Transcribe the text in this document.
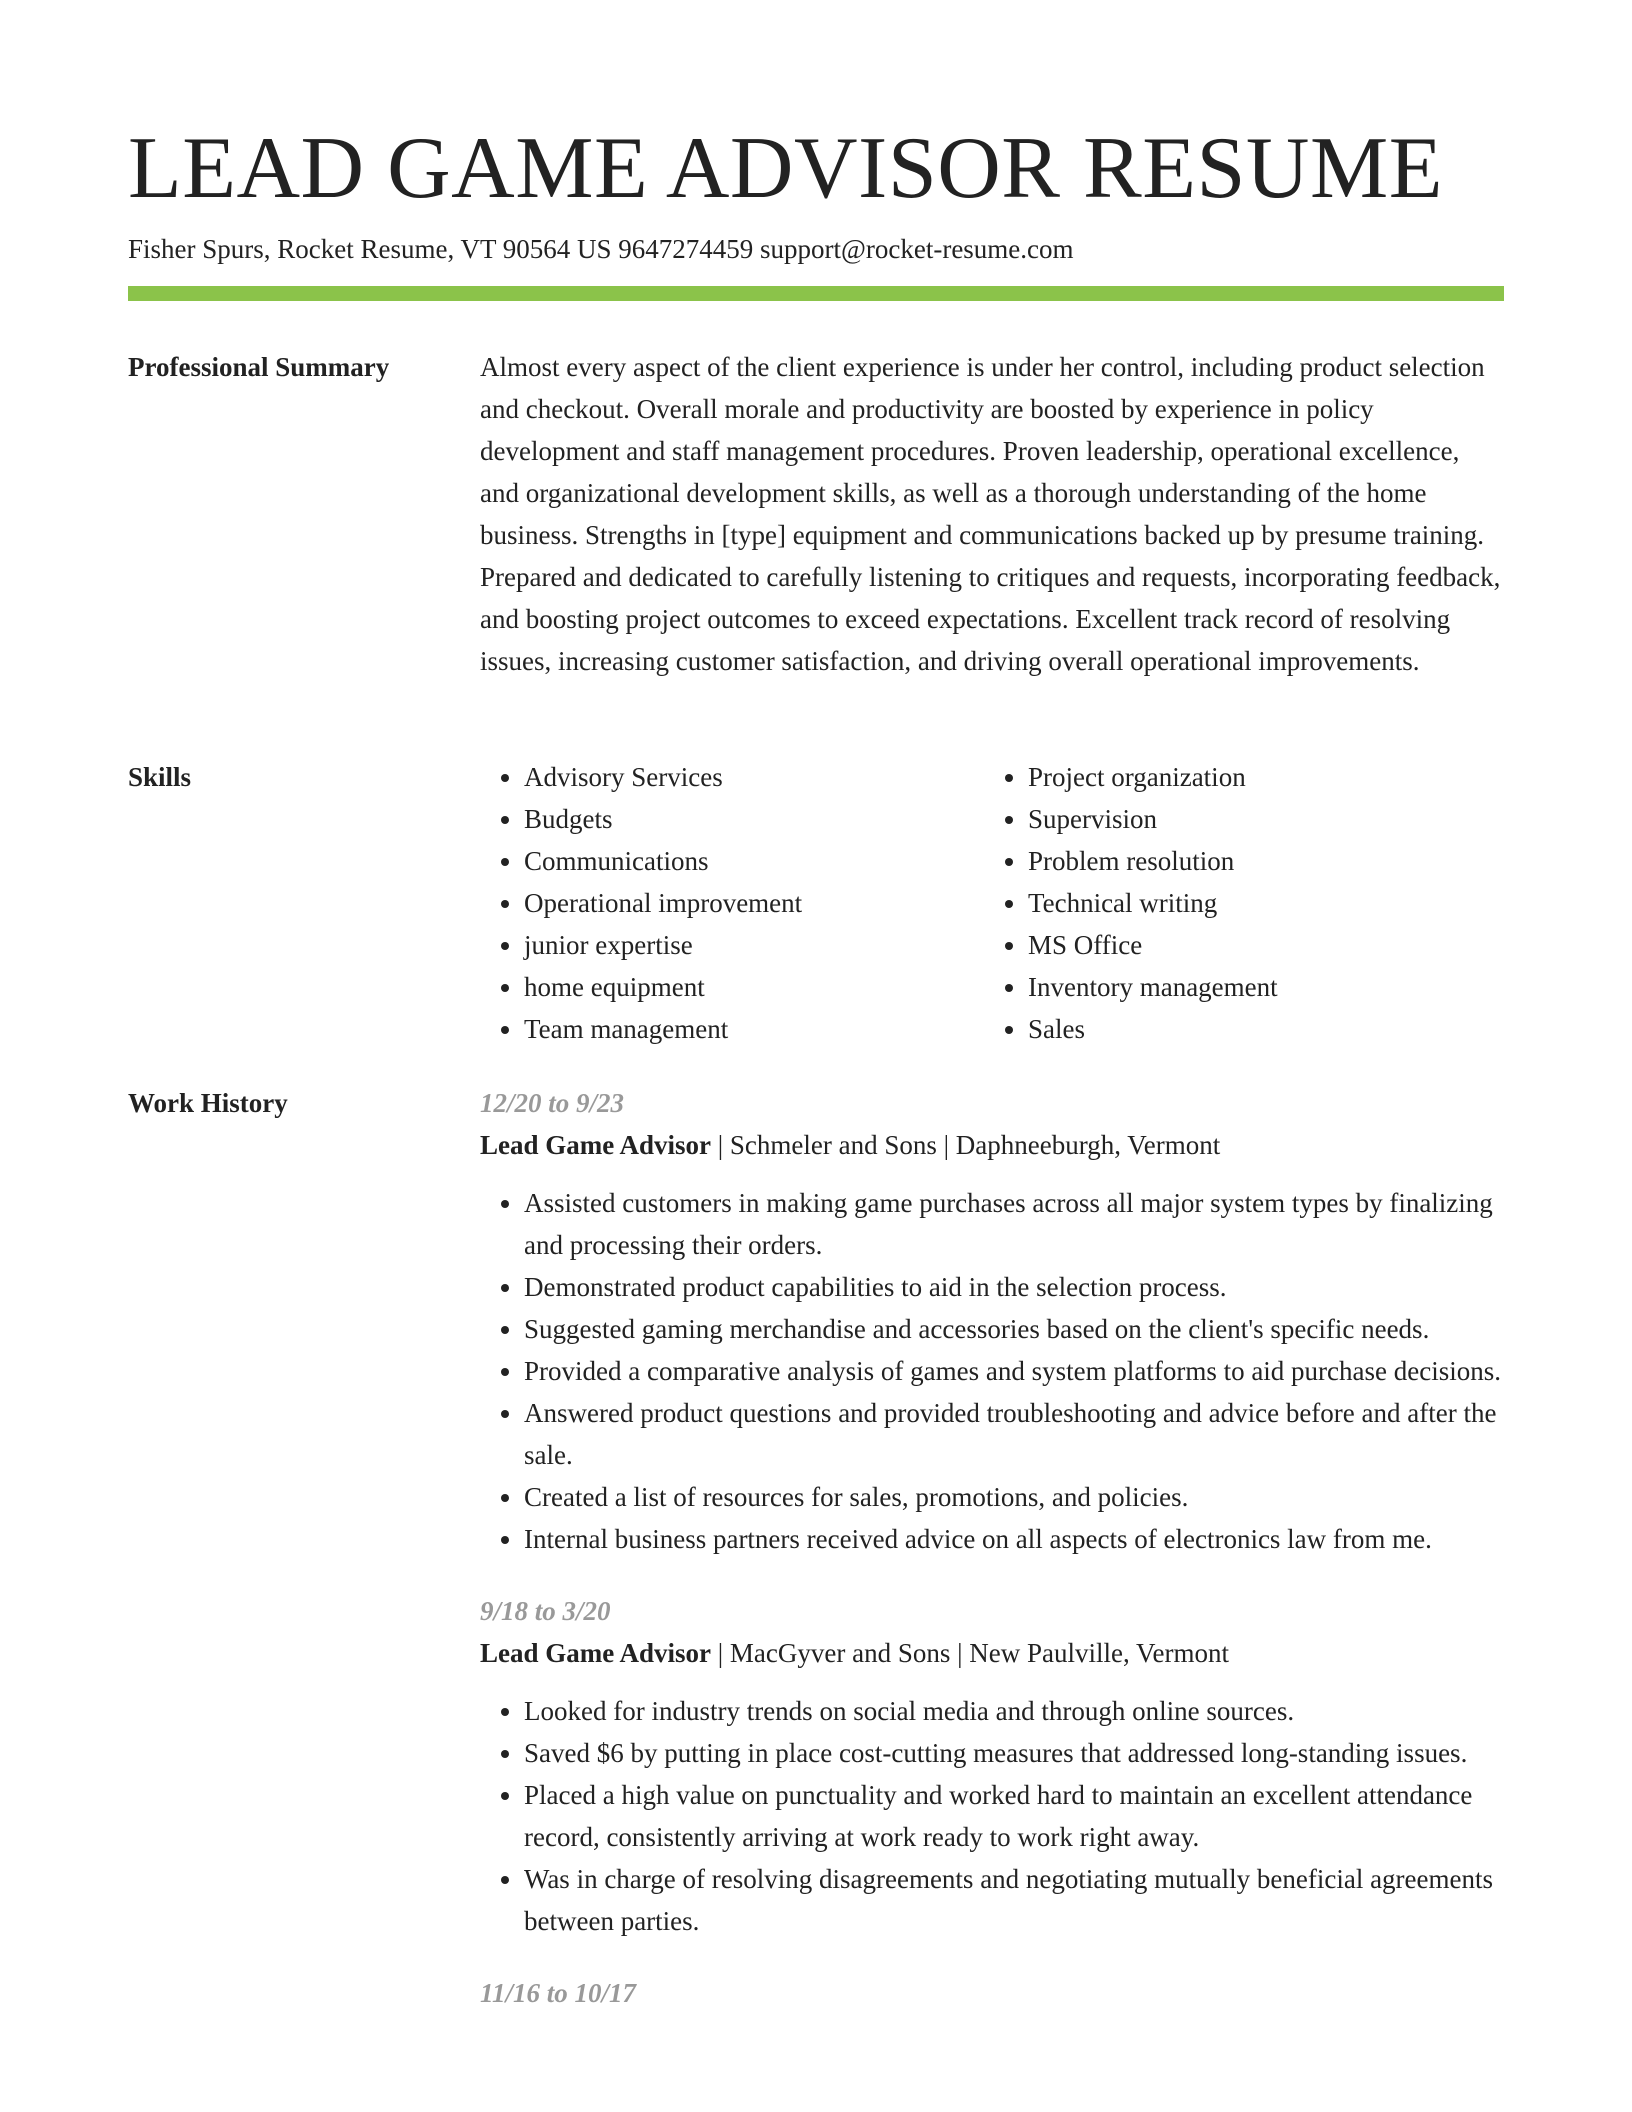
LEAD GAME ADVISOR RESUME
Fisher Spurs, Rocket Resume, VT 90564 US 9647274459 support@rocket-resume.com
Professional Summary	Almost every aspect of the client experience is under her control, including product selection and checkout. Overall morale and productivity are boosted by experience in policy development and staff management procedures. Proven leadership, operational excellence, and organizational development skills, as well as a thorough understanding of the home business. Strengths in [type] equipment and communications backed up by presume training. Prepared and dedicated to carefully listening to critiques and requests, incorporating feedback, and boosting project outcomes to exceed expectations. Excellent track record of resolving issues, increasing customer satisfaction, and driving overall operational improvements.

Skills
•	Advisory Services
• Budgets
• Communications
• Operational improvement
• junior expertise
• home equipment
• Team management
• Project organization
• Supervision
• Problem resolution
• Technical writing
• MS Office
• Inventory management
• Sales
Work History	12/20 to 9/23
Lead Game Advisor | Schmeler and Sons | Daphneeburgh, Vermont
• Assisted customers in making game purchases across all major system types by finalizing and processing their orders.
• Demonstrated product capabilities to aid in the selection process.
• Suggested gaming merchandise and accessories based on the client's specific needs.
• Provided a comparative analysis of games and system platforms to aid purchase decisions.
• Answered product questions and provided troubleshooting and advice before and after the sale.
• Created a list of resources for sales, promotions, and policies.
• Internal business partners received advice on all aspects of electronics law from me.
9/18 to 3/20
Lead Game Advisor | MacGyver and Sons | New Paulville, Vermont
• Looked for industry trends on social media and through online sources.
• Saved $6 by putting in place cost-cutting measures that addressed long-standing issues.
• Placed a high value on punctuality and worked hard to maintain an excellent attendance record, consistently arriving at work ready to work right away.
• Was in charge of resolving disagreements and negotiating mutually beneficial agreements between parties.
11/16 to 10/17
